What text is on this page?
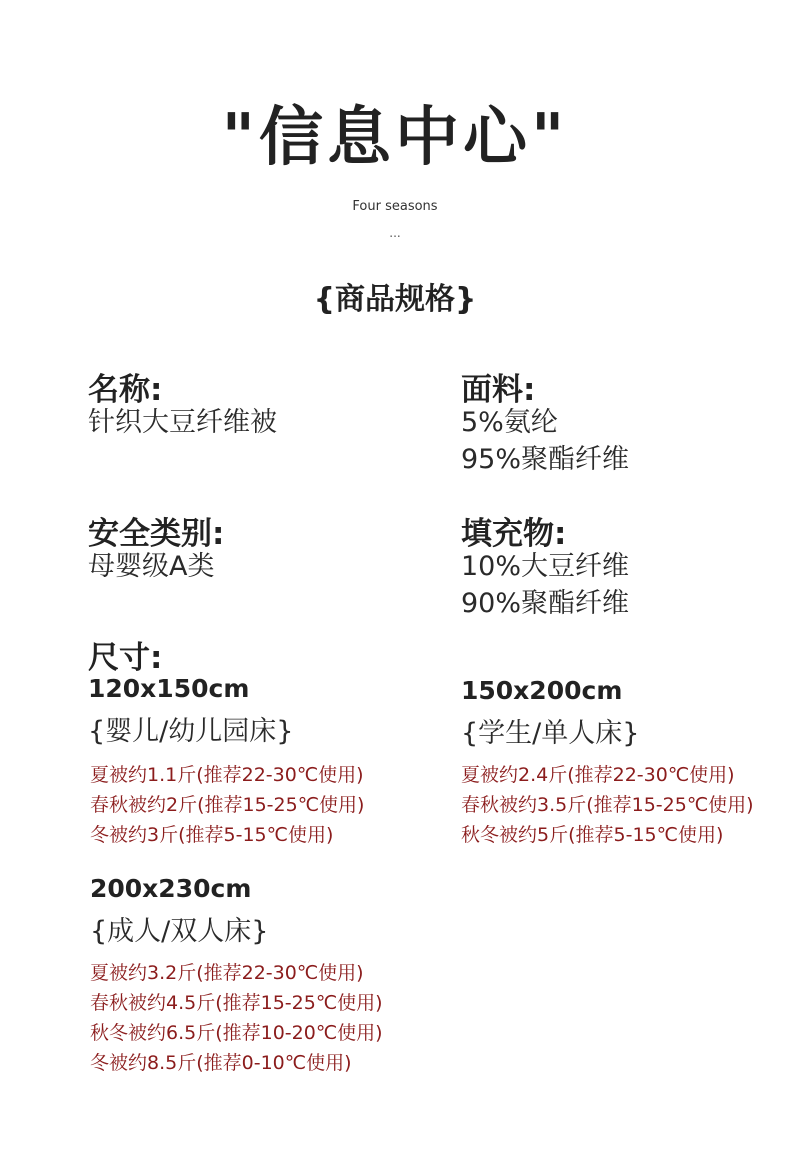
"信息中心"
Four seasons
...
{商品规格}
名称:
针织大豆纤维被
面料:
5%氨纶
95%聚酯纤维
安全类别:
母婴级A类
填充物:
10%大豆纤维
90%聚酯纤维
尺寸:
120x150cm
{婴儿/幼儿园床}
夏被约1.1斤(推荐22-30℃使用)
春秋被约2斤(推荐15-25℃使用)
冬被约3斤(推荐5-15℃使用)
150x200cm
{学生/单人床}
夏被约2.4斤(推荐22-30℃使用)
春秋被约3.5斤(推荐15-25℃使用)
秋冬被约5斤(推荐5-15℃使用)
200x230cm
{成人/双人床}
夏被约3.2斤(推荐22-30℃使用)
春秋被约4.5斤(推荐15-25℃使用)
秋冬被约6.5斤(推荐10-20℃使用)
冬被约8.5斤(推荐0-10℃使用)
